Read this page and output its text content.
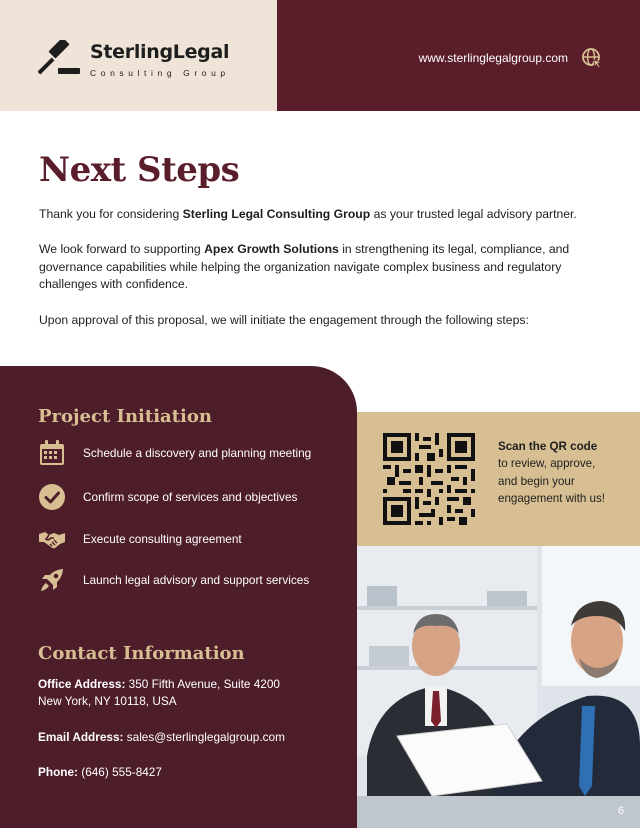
SterlingLegal
Consulting Group
www.sterlinglegalgroup.com
Next Steps

Thank you for considering Sterling Legal Consulting Group as your trusted legal advisory partner.

We look forward to supporting Apex Growth Solutions in strengthening its legal, compliance, and governance capabilities while helping the organization navigate complex business and regulatory challenges with confidence.

Upon approval of this proposal, we will initiate the engagement through the following steps:

Project Initiation
Schedule a discovery and planning meeting
Confirm scope of services and objectives
Execute consulting agreement
Launch legal advisory and support services
Contact Information
Office Address: 350 Fifth Avenue, Suite 4200
New York, NY 10118, USA
Email Address: sales@sterlinglegalgroup.com
Phone: (646) 555-8427
Scan the QR code
to review, approve, and begin your engagement with us!
6
